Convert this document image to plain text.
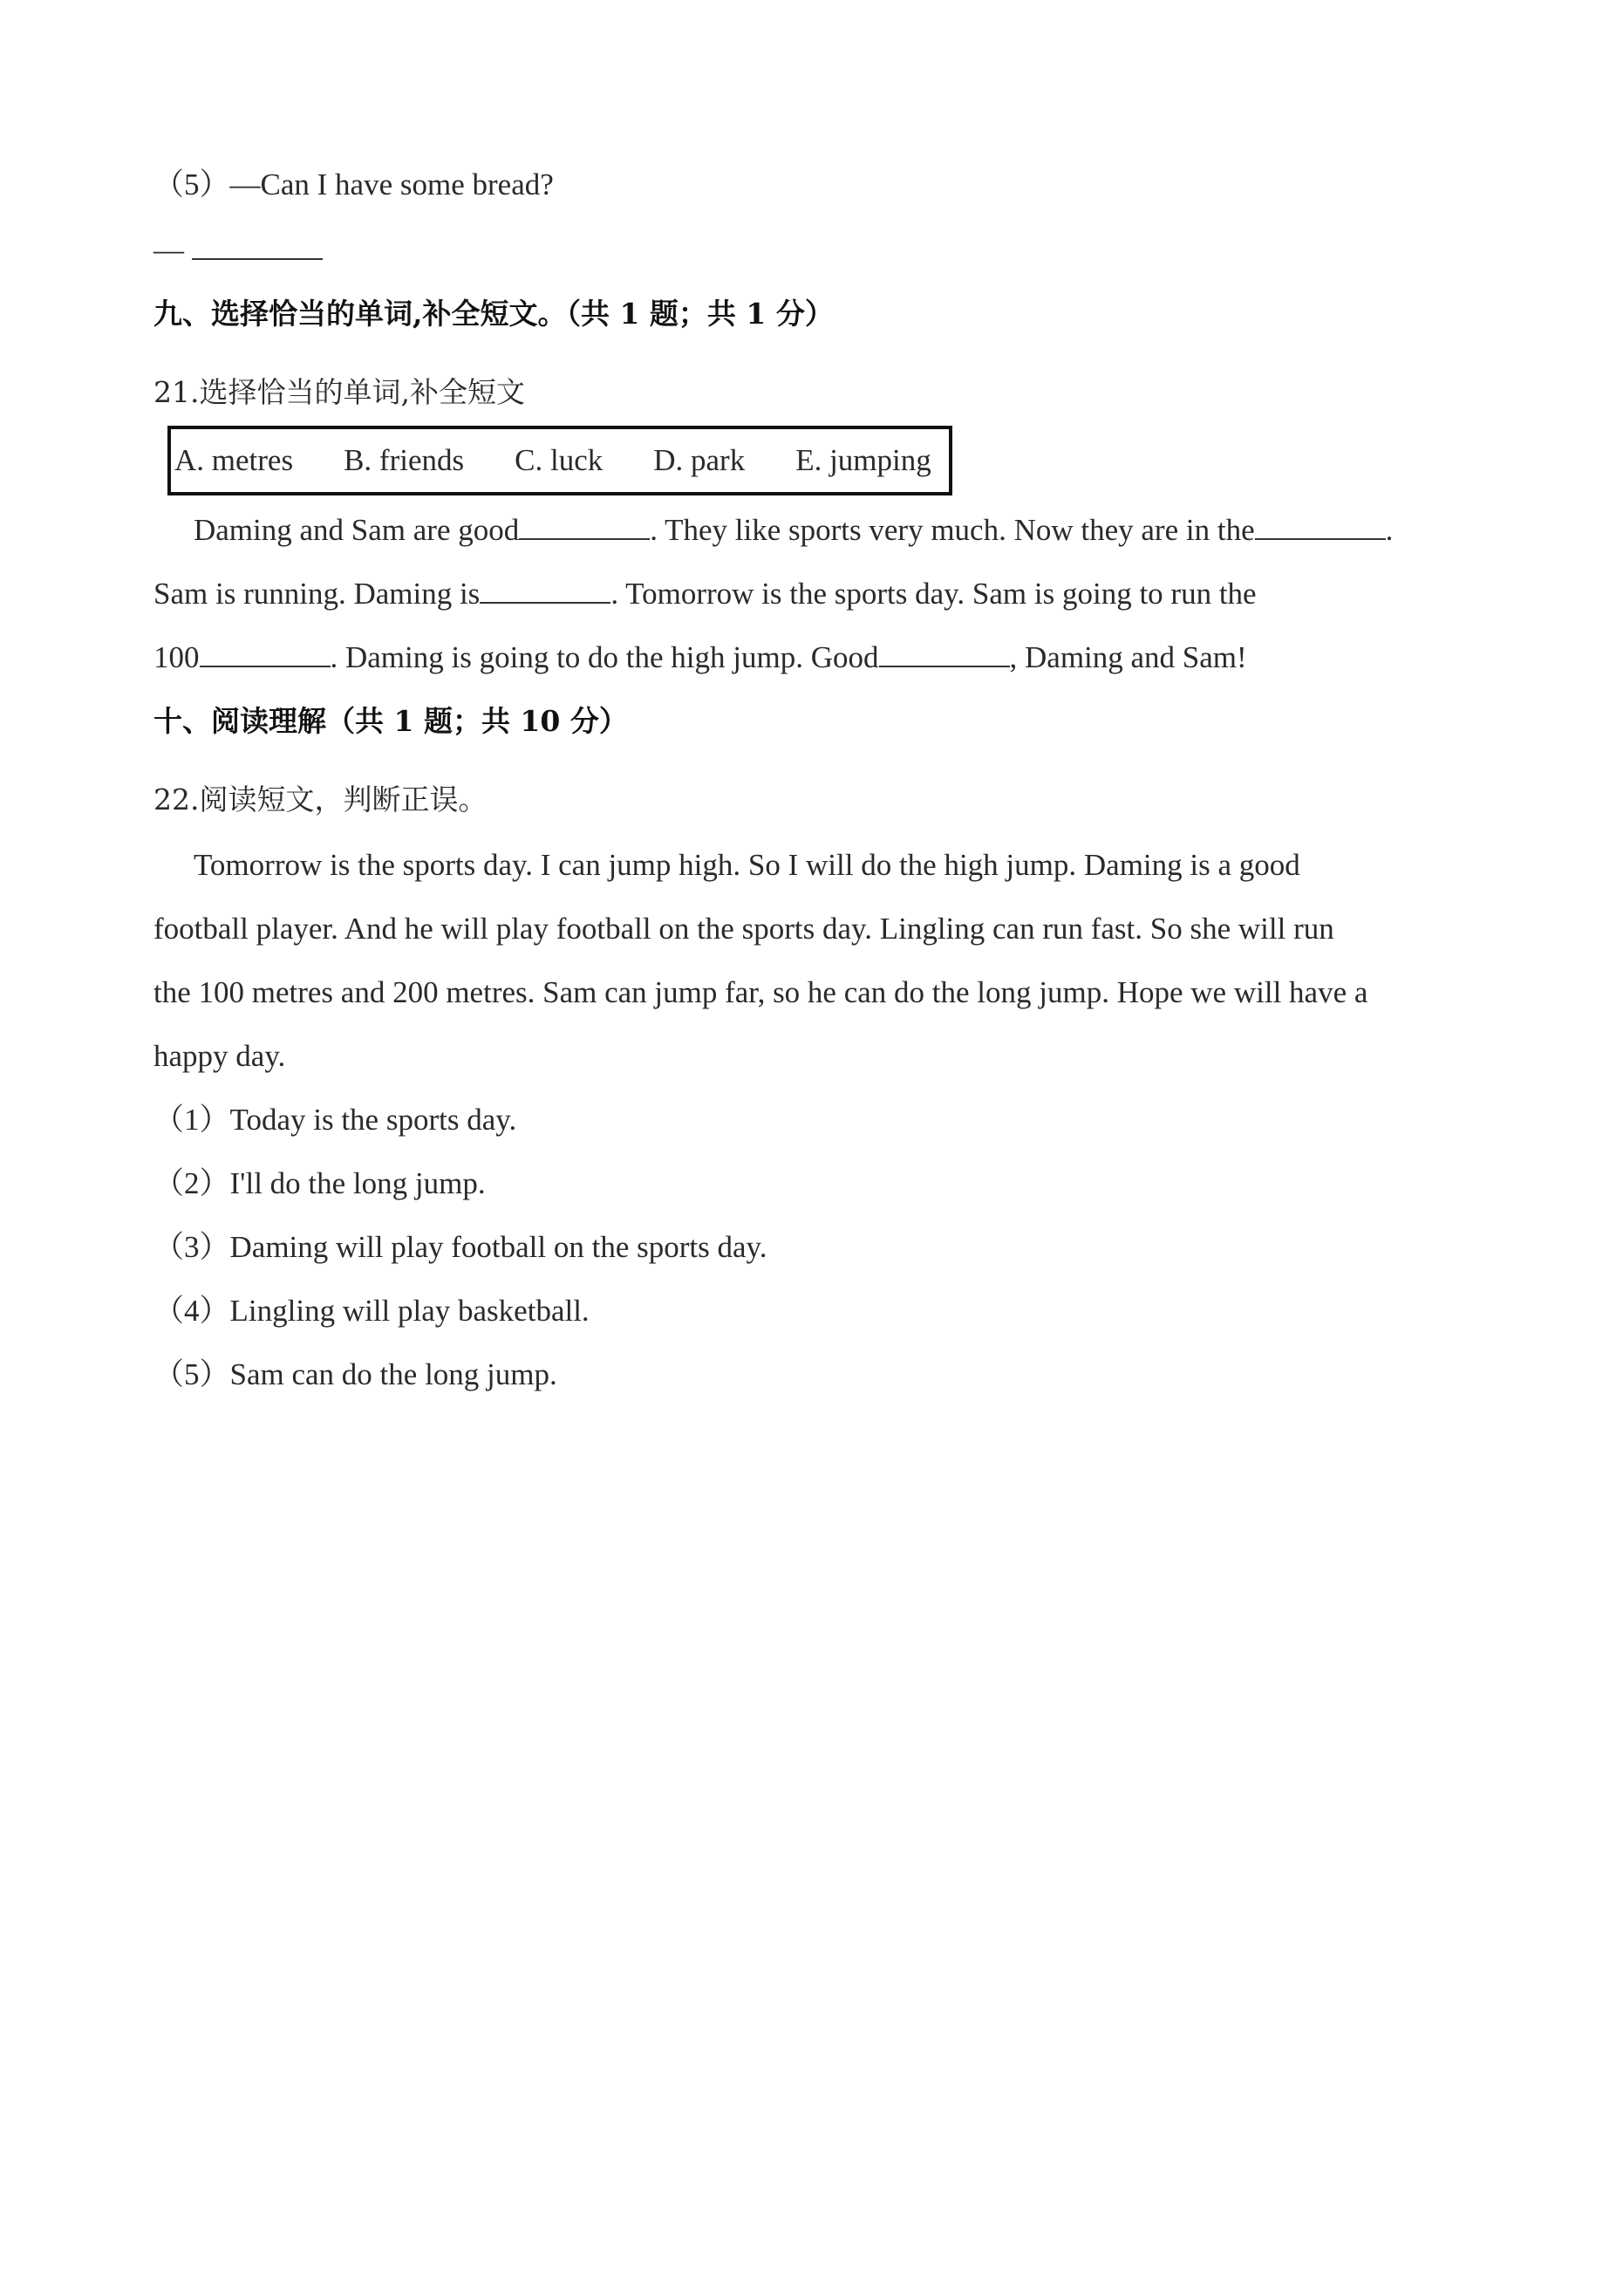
（5）—Can I have some bread?
—
九、选择恰当的单词,补全短文。（共 1 题；共 1 分）
21.选择恰当的单词,补全短文
A. metres B. friends C. luck D. park E. jumping
Daming and Sam are good	. They like sports very much. Now they are in the	.
Sam is running. Daming is	. Tomorrow is the sports day. Sam is going to run the
100	. Daming is going to do the high jump. Good	, Daming and Sam!
十、阅读理解（共 1 题；共 10 分）
22.阅读短文，判断正误。
Tomorrow is the sports day. I can jump high. So I will do the high jump. Daming is a good
football player. And he will play football on the sports day. Lingling can run fast. So she will run
the 100 metres and 200 metres. Sam can jump far, so he can do the long jump. Hope we will have a
happy day.
（1）Today is the sports day.
（2）I'll do the long jump.
（3）Daming will play football on the sports day.
（4）Lingling will play basketball.
（5）Sam can do the long jump.
